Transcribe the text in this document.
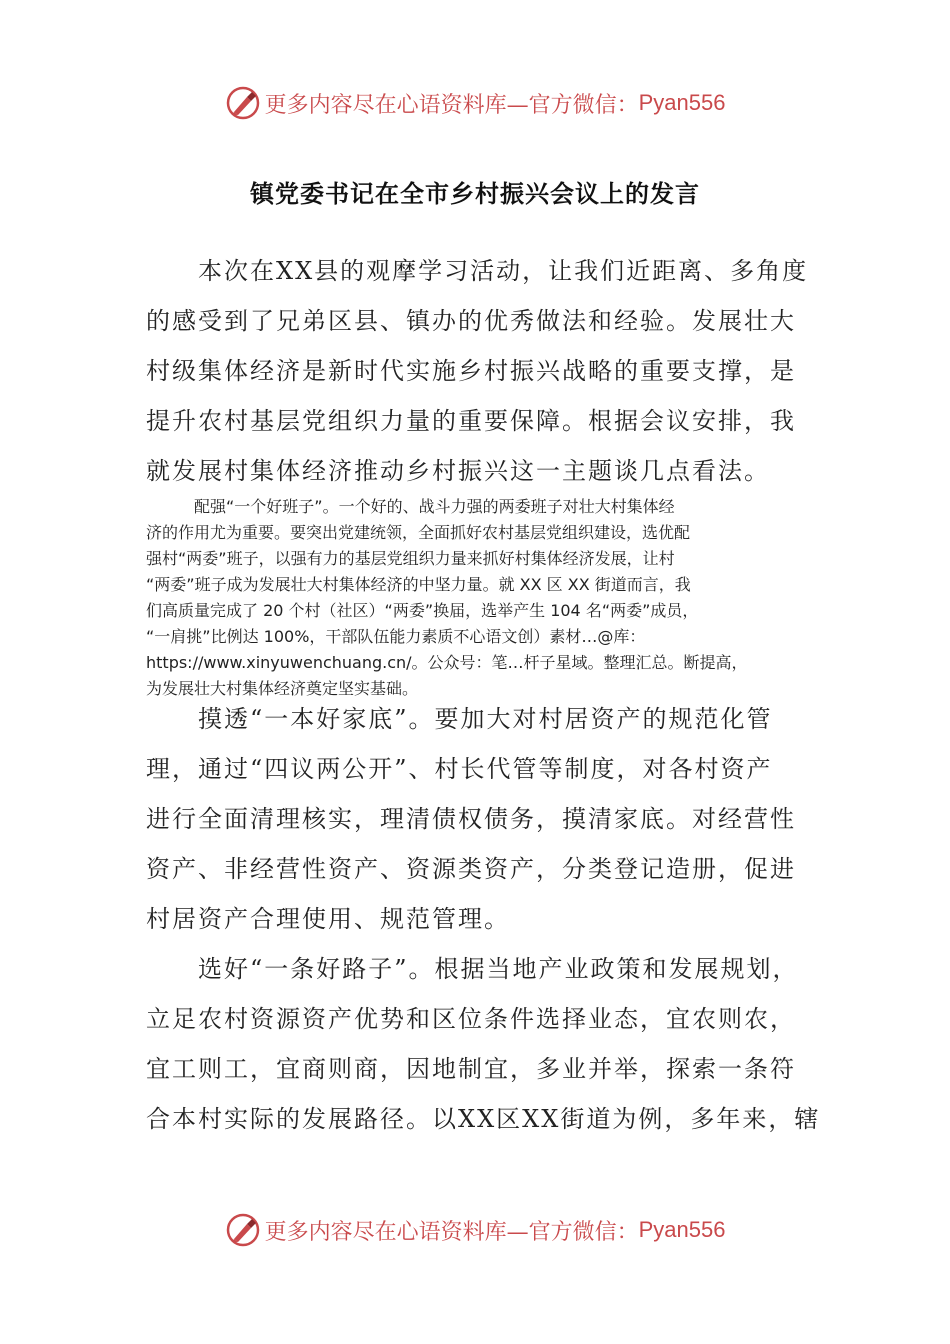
更多内容尽在心语资料库—官方微信： Pyan556
镇党委书记在全市乡村振兴会议上的发言
　　本次在XX县的观摩学习活动，让我们近距离、多角度
的感受到了兄弟区县、镇办的优秀做法和经验。发展壮大
村级集体经济是新时代实施乡村振兴战略的重要支撑，是
提升农村基层党组织力量的重要保障。根据会议安排，我
就发展村集体经济推动乡村振兴这一主题谈几点看法。
　　　配强“一个好班子”。一个好的、战斗力强的两委班子对壮大村集体经
济的作用尤为重要。要突出党建统领，全面抓好农村基层党组织建设，选优配
强村“两委”班子，以强有力的基层党组织力量来抓好村集体经济发展，让村
“两委”班子成为发展壮大村集体经济的中坚力量。就 XX 区 XX 街道而言，我
们高质量完成了 20 个村（社区）“两委”换届，选举产生 104 名“两委”成员，
“一肩挑”比例达 100%，干部队伍能力素质不心语文创）素材…@库：
https://www.xinyuwenchuang.cn/。公众号：笔…杆子星域。整理汇总。断提高，
为发展壮大村集体经济奠定坚实基础。
　　摸透“一本好家底”。要加大对村居资产的规范化管
理，通过“四议两公开”、村长代管等制度，对各村资产
进行全面清理核实，理清债权债务，摸清家底。对经营性
资产、非经营性资产、资源类资产，分类登记造册，促进
村居资产合理使用、规范管理。
　　选好“一条好路子”。根据当地产业政策和发展规划，
立足农村资源资产优势和区位条件选择业态，宜农则农，
宜工则工，宜商则商，因地制宜，多业并举，探索一条符
合本村实际的发展路径。以XX区XX街道为例，多年来，辖
更多内容尽在心语资料库—官方微信： Pyan556
